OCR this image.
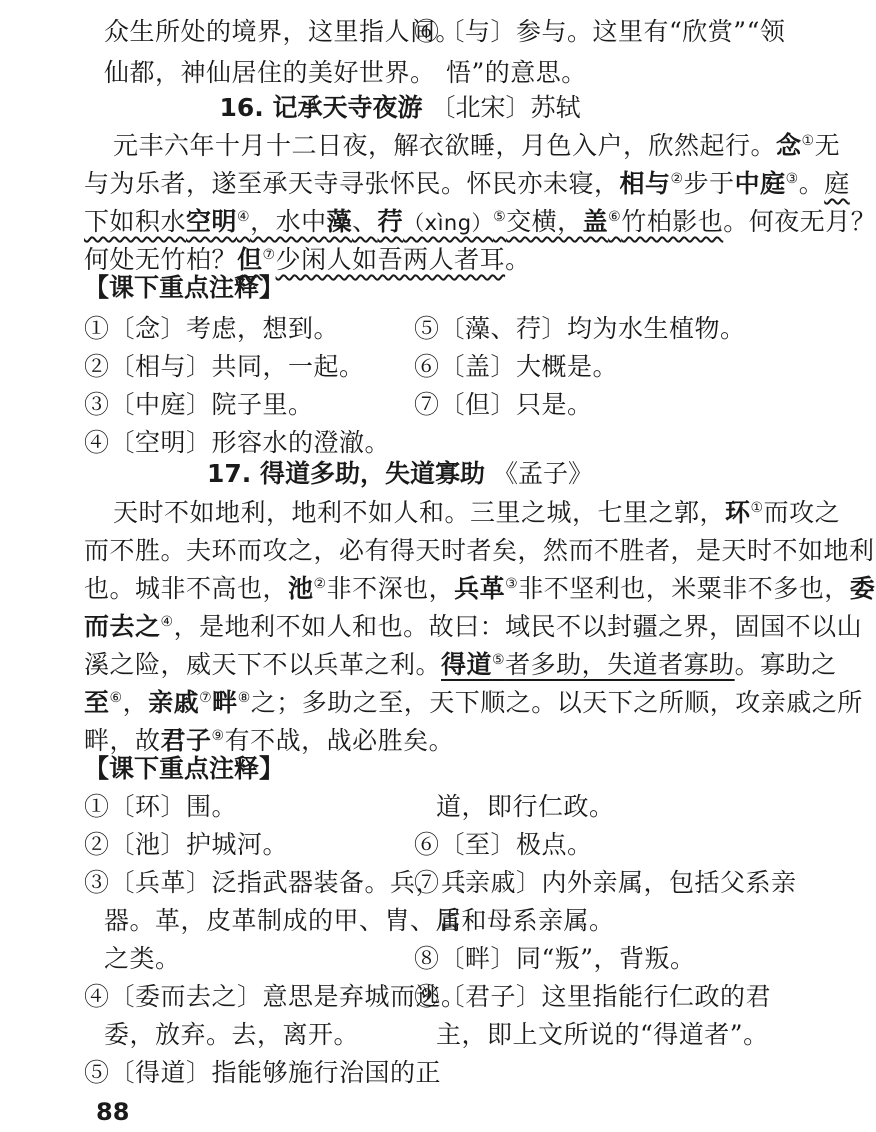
众生所处的境界，这里指人间。
仙都，神仙居住的美好世界。
⑥〔与〕参与。这里有“欣赏”“领
悟”的意思。
16. 记承天寺夜游 〔北宋〕苏轼
元丰六年十月十二日夜，解衣欲睡，月色入户，欣然起行。念①无
与为乐者，遂至承天寺寻张怀民。怀民亦未寝，相与②步于中庭③。庭
下如积水空明④，水中藻、荇（xìng）⑤交横，盖⑥竹柏影也。何夜无月？
何处无竹柏？但⑦少闲人如吾两人者耳。
【课下重点注释】
①〔念〕考虑，想到。
②〔相与〕共同，一起。
③〔中庭〕院子里。
④〔空明〕形容水的澄澈。
⑤〔藻、荇〕均为水生植物。
⑥〔盖〕大概是。
⑦〔但〕只是。
17. 得道多助，失道寡助 《孟子》
天时不如地利，地利不如人和。三里之城，七里之郭，环①而攻之
而不胜。夫环而攻之，必有得天时者矣，然而不胜者，是天时不如地利
也。城非不高也，池②非不深也，兵革③非不坚利也，米粟非不多也，委
而去之④，是地利不如人和也。故曰：域民不以封疆之界，固国不以山
溪之险，威天下不以兵革之利。得道⑤者多助，失道者寡助。寡助之
至⑥，亲戚⑦畔⑧之；多助之至，天下顺之。以天下之所顺，攻亲戚之所
畔，故君子⑨有不战，战必胜矣。
【课下重点注释】
①〔环〕围。
②〔池〕护城河。
③〔兵革〕泛指武器装备。兵，兵
器。革，皮革制成的甲、胄、盾
之类。
④〔委而去之〕意思是弃城而逃。
委，放弃。去，离开。
⑤〔得道〕指能够施行治国的正
道，即行仁政。
⑥〔至〕极点。
⑦〔亲戚〕内外亲属，包括父系亲
属和母系亲属。
⑧〔畔〕同“叛”，背叛。
⑨〔君子〕这里指能行仁政的君
主，即上文所说的“得道者”。
88
